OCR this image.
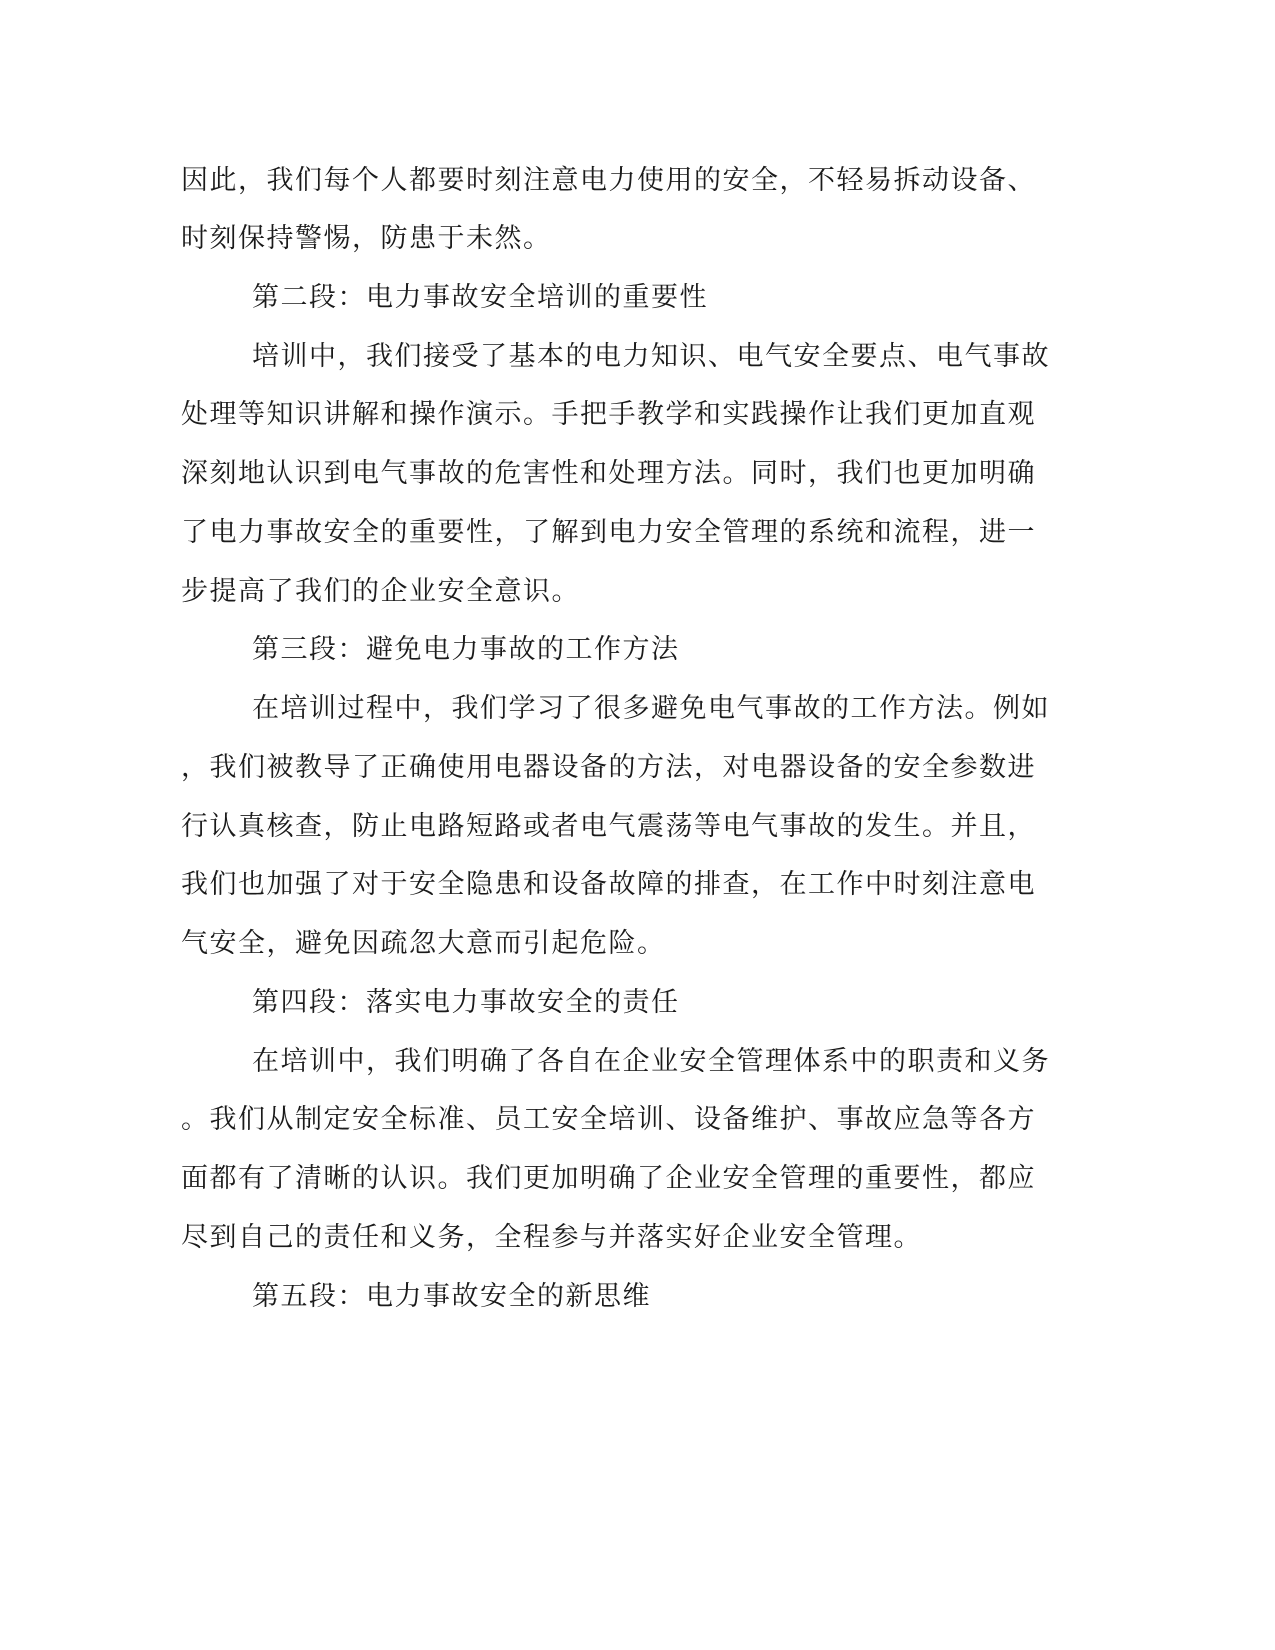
因此，我们每个人都要时刻注意电力使用的安全，不轻易拆动设备、
时刻保持警惕，防患于未然。
第二段：电力事故安全培训的重要性
培训中，我们接受了基本的电力知识、电气安全要点、电气事故
处理等知识讲解和操作演示。手把手教学和实践操作让我们更加直观
深刻地认识到电气事故的危害性和处理方法。同时，我们也更加明确
了电力事故安全的重要性，了解到电力安全管理的系统和流程，进一
步提高了我们的企业安全意识。
第三段：避免电力事故的工作方法
在培训过程中，我们学习了很多避免电气事故的工作方法。例如
，我们被教导了正确使用电器设备的方法，对电器设备的安全参数进
行认真核查，防止电路短路或者电气震荡等电气事故的发生。并且，
我们也加强了对于安全隐患和设备故障的排查，在工作中时刻注意电
气安全，避免因疏忽大意而引起危险。
第四段：落实电力事故安全的责任
在培训中，我们明确了各自在企业安全管理体系中的职责和义务
。我们从制定安全标准、员工安全培训、设备维护、事故应急等各方
面都有了清晰的认识。我们更加明确了企业安全管理的重要性，都应
尽到自己的责任和义务，全程参与并落实好企业安全管理。
第五段：电力事故安全的新思维
